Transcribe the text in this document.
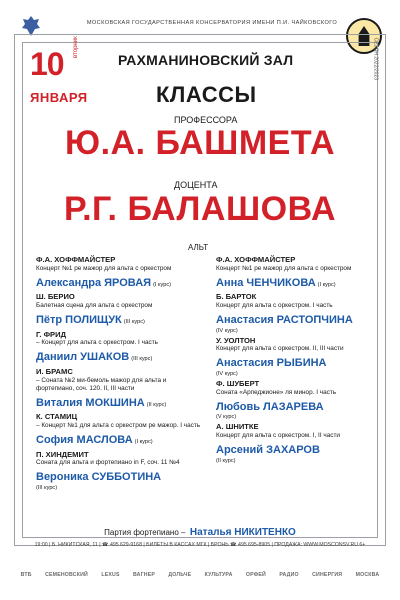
МОСКОВСКАЯ ГОСУДАРСТВЕННАЯ КОНСЕРВАТОРИЯ ИМЕНИ П.И. ЧАЙКОВСКОГО
10 вторник
ЯНВАРЯ
РАХМАНИНОВСКИЙ ЗАЛ
КЛАССЫ
ПРОФЕССОРА
Ю.А. БАШМЕТА
ДОЦЕНТА
Р.Г. БАЛАШОВА
АЛЬТ
СЕЗОН 2022/2023
Ф.А. ХОФФМАЙСТЕР
Концерт №1 ре мажор для альта с оркестром
Александра ЯРОВАЯ (I курс)
Ш. БЕРИО
Балетная сцена для альта с оркестром
Пётр ПОЛИЩУК (III курс)
Г. ФРИД
– Концерт для альта с оркестром. I часть
Даниил УШАКОВ (III курс)
И. БРАМС
– Соната №2 ми-бемоль мажор для альта и фортепиано, соч. 120. II, III части
Виталия МОКШИНА (II курс)
К. СТАМИЦ
– Концерт №1 для альта с оркестром ре мажор. I часть
София МАСЛОВА (I курс)
П. ХИНДЕМИТ
Соната для альта и фортепиано in F, соч. 11 №4
Вероника СУББОТИНА
(III курс)
Ф.А. ХОФФМАЙСТЕР
Концерт №1 ре мажор для альта с оркестром
Анна ЧЕНЧИКОВА (I курс)
Б. БАРТОК
Концерт для альта с оркестром. I часть
Анастасия РАСТОПЧИНА
(IV курс)
У. УОЛТОН
Концерт для альта с оркестром. II, III части
Анастасия РЫБИНА
(IV курс)
Ф. ШУБЕРТ
Соната «Арпеджионе» ля минор. I часть
Любовь ЛАЗАРЕВА
(V курс)
А. ШНИТКЕ
Концерт для альта с оркестром. I, II части
Арсений ЗАХАРОВ
(II курс)
Партия фортепиано – Наталья НИКИТЕНКО
19:00 | Б. НИКИТСКАЯ, 11 | ☎ 495 629-9168 | БИЛЕТЫ В КАССАХ МГК | БРОНЬ ☎ 495 695-8905 | ПРОДАЖА: WWW.MOSCONSV.RU 6+
ВТБ	СЕМЕНОВСКИЙ	LEXUS	ВАГНЕР	ДОЛЬЧЕ	КУЛЬТУРА	ОРФЕЙ	РАДИО	СИНЕРГИЯ	МОСКВА
